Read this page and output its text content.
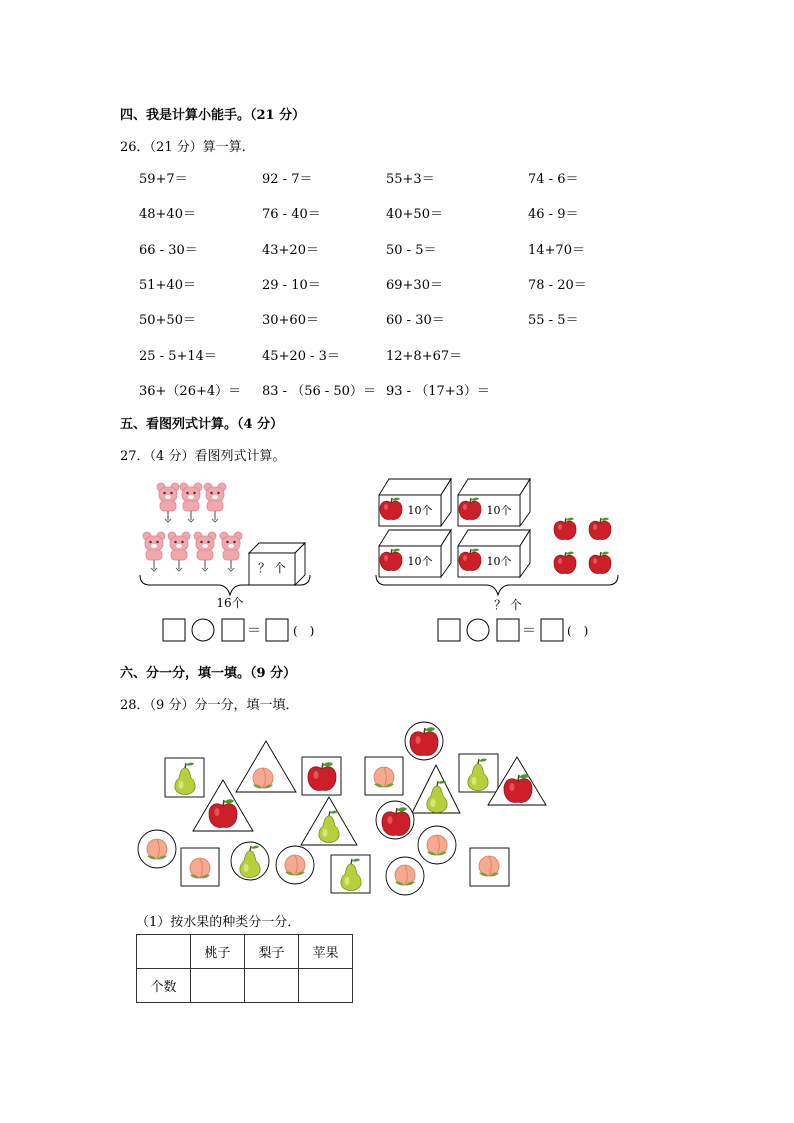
四、我是计算小能手。（21 分）
26．（21 分）算一算．
59+7＝	92 - 7＝	55+3＝	74 - 6＝
48+40＝	76 - 40＝	40+50＝	46 - 9＝
66 - 30＝	43+20＝	50 - 5＝	14+70＝
51+40＝	29 - 10＝	69+30＝	78 - 20＝
50+50＝	30+60＝	60 - 30＝	55 - 5＝
25 - 5+14＝	45+20 - 3＝	12+8+67＝
36+（26+4）＝ 83 - （56 - 50）＝ 93 - （17+3）＝
五、看图列式计算。（4 分）
27．（4 分）看图列式计算。
？ 个
10个	10个
10个	10个
16个	？ 个
＝	(　)	＝	(　)
六、分一分，填一填。（9 分）
28．（9 分）分一分，填一填．
（1）按水果的种类分一分．
	桃子	梨子	苹果
个数			
